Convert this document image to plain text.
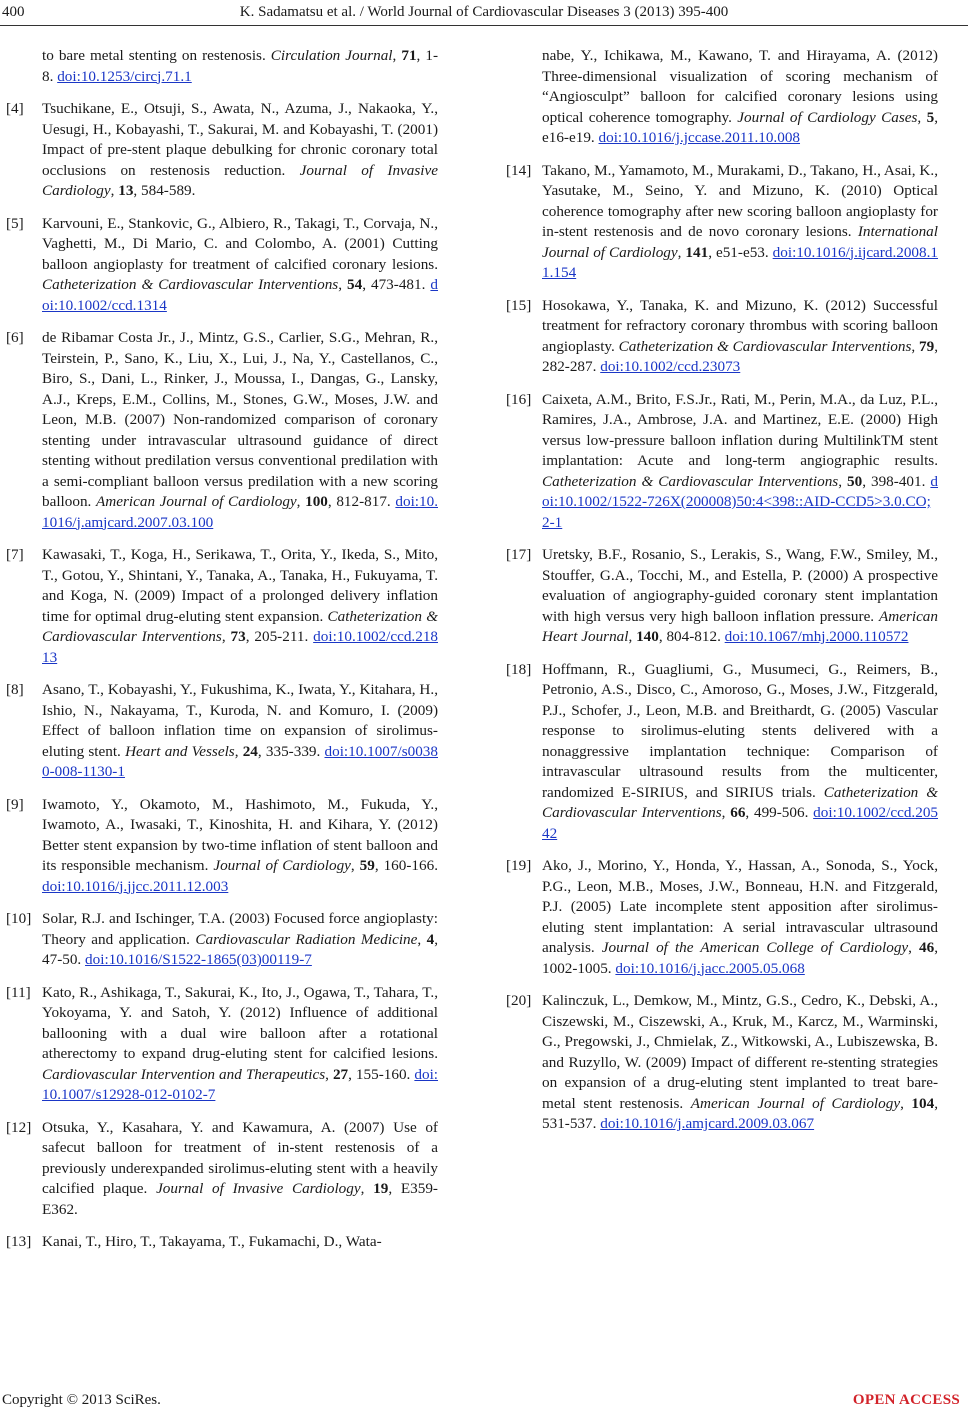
400	K. Sadamatsu et al. / World Journal of Cardiovascular Diseases 3 (2013) 395-400
to bare metal stenting on restenosis. Circulation Journal, 71, 1-8. doi:10.1253/circj.71.1
[4] Tsuchikane, E., Otsuji, S., Awata, N., Azuma, J., Nakaoka, Y., Uesugi, H., Kobayashi, T., Sakurai, M. and Kobayashi, T. (2001) Impact of pre-stent plaque debulking for chronic coronary total occlusions on restenosis reduction. Journal of Invasive Cardiology, 13, 584-589.
[5] Karvouni, E., Stankovic, G., Albiero, R., Takagi, T., Corvaja, N., Vaghetti, M., Di Mario, C. and Colombo, A. (2001) Cutting balloon angioplasty for treatment of calcified coronary lesions. Catheterization & Cardiovascular Interventions, 54, 473-481. doi:10.1002/ccd.1314
[6] de Ribamar Costa Jr., J., Mintz, G.S., Carlier, S.G., Mehran, R., Teirstein, P., Sano, K., Liu, X., Lui, J., Na, Y., Castellanos, C., Biro, S., Dani, L., Rinker, J., Moussa, I., Dangas, G., Lansky, A.J., Kreps, E.M., Collins, M., Stones, G.W., Moses, J.W. and Leon, M.B. (2007) Non-randomized comparison of coronary stenting under intravascular ultrasound guidance of direct stenting without predilation versus conventional predilation with a semi-compliant balloon versus predilation with a new scoring balloon. American Journal of Cardiology, 100, 812-817. doi:10.1016/j.amjcard.2007.03.100
[7] Kawasaki, T., Koga, H., Serikawa, T., Orita, Y., Ikeda, S., Mito, T., Gotou, Y., Shintani, Y., Tanaka, A., Tanaka, H., Fukuyama, T. and Koga, N. (2009) Impact of a prolonged delivery inflation time for optimal drug-eluting stent expansion. Catheterization & Cardiovascular Interventions, 73, 205-211. doi:10.1002/ccd.21813
[8] Asano, T., Kobayashi, Y., Fukushima, K., Iwata, Y., Kitahara, H., Ishio, N., Nakayama, T., Kuroda, N. and Komuro, I. (2009) Effect of balloon inflation time on expansion of sirolimus-eluting stent. Heart and Vessels, 24, 335-339. doi:10.1007/s00380-008-1130-1
[9] Iwamoto, Y., Okamoto, M., Hashimoto, M., Fukuda, Y., Iwamoto, A., Iwasaki, T., Kinoshita, H. and Kihara, Y. (2012) Better stent expansion by two-time inflation of stent balloon and its responsible mechanism. Journal of Cardiology, 59, 160-166. doi:10.1016/j.jjcc.2011.12.003
[10] Solar, R.J. and Ischinger, T.A. (2003) Focused force angioplasty: Theory and application. Cardiovascular Radiation Medicine, 4, 47-50. doi:10.1016/S1522-1865(03)00119-7
[11] Kato, R., Ashikaga, T., Sakurai, K., Ito, J., Ogawa, T., Tahara, T., Yokoyama, Y. and Satoh, Y. (2012) Influence of additional ballooning with a dual wire balloon after a rotational atherectomy to expand drug-eluting stent for calcified lesions. Cardiovascular Intervention and Therapeutics, 27, 155-160. doi:10.1007/s12928-012-0102-7
[12] Otsuka, Y., Kasahara, Y. and Kawamura, A. (2007) Use of safecut balloon for treatment of in-stent restenosis of a previously underexpanded sirolimus-eluting stent with a heavily calcified plaque. Journal of Invasive Cardiology, 19, E359-E362.
[13] Kanai, T., Hiro, T., Takayama, T., Fukamachi, D., Wata-
nabe, Y., Ichikawa, M., Kawano, T. and Hirayama, A. (2012) Three-dimensional visualization of scoring mechanism of “Angiosculpt” balloon for calcified coronary lesions using optical coherence tomography. Journal of Cardiology Cases, 5, e16-e19. doi:10.1016/j.jccase.2011.10.008
[14] Takano, M., Yamamoto, M., Murakami, D., Takano, H., Asai, K., Yasutake, M., Seino, Y. and Mizuno, K. (2010) Optical coherence tomography after new scoring balloon angioplasty for in-stent restenosis and de novo coronary lesions. International Journal of Cardiology, 141, e51-e53. doi:10.1016/j.ijcard.2008.11.154
[15] Hosokawa, Y., Tanaka, K. and Mizuno, K. (2012) Successful treatment for refractory coronary thrombus with scoring balloon angioplasty. Catheterization & Cardiovascular Interventions, 79, 282-287. doi:10.1002/ccd.23073
[16] Caixeta, A.M., Brito, F.S.Jr., Rati, M., Perin, M.A., da Luz, P.L., Ramires, J.A., Ambrose, J.A. and Martinez, E.E. (2000) High versus low-pressure balloon inflation during MultilinkTM stent implantation: Acute and long-term angiographic results. Catheterization & Cardiovascular Interventions, 50, 398-401. doi:10.1002/1522-726X(200008)50:4<398::AID-CCD5>3.0.CO;2-1
[17] Uretsky, B.F., Rosanio, S., Lerakis, S., Wang, F.W., Smiley, M., Stouffer, G.A., Tocchi, M., and Estella, P. (2000) A prospective evaluation of angiography-guided coronary stent implantation with high versus very high balloon inflation pressure. American Heart Journal, 140, 804-812. doi:10.1067/mhj.2000.110572
[18] Hoffmann, R., Guagliumi, G., Musumeci, G., Reimers, B., Petronio, A.S., Disco, C., Amoroso, G., Moses, J.W., Fitzgerald, P.J., Schofer, J., Leon, M.B. and Breithardt, G. (2005) Vascular response to sirolimus-eluting stents delivered with a nonaggressive implantation technique: Comparison of intravascular ultrasound results from the multicenter, randomized E-SIRIUS, and SIRIUS trials. Catheterization & Cardiovascular Interventions, 66, 499-506. doi:10.1002/ccd.20542
[19] Ako, J., Morino, Y., Honda, Y., Hassan, A., Sonoda, S., Yock, P.G., Leon, M.B., Moses, J.W., Bonneau, H.N. and Fitzgerald, P.J. (2005) Late incomplete stent apposition after sirolimus-eluting stent implantation: A serial intravascular ultrasound analysis. Journal of the American College of Cardiology, 46, 1002-1005. doi:10.1016/j.jacc.2005.05.068
[20] Kalinczuk, L., Demkow, M., Mintz, G.S., Cedro, K., Debski, A., Ciszewski, M., Ciszewski, A., Kruk, M., Karcz, M., Warminski, G., Pregowski, J., Chmielak, Z., Witkowski, A., Lubiszewska, B. and Ruzyllo, W. (2009) Impact of different re-stenting strategies on expansion of a drug-eluting stent implanted to treat bare-metal stent restenosis. American Journal of Cardiology, 104, 531-537. doi:10.1016/j.amjcard.2009.03.067
Copyright © 2013 SciRes.	OPEN ACCESS
